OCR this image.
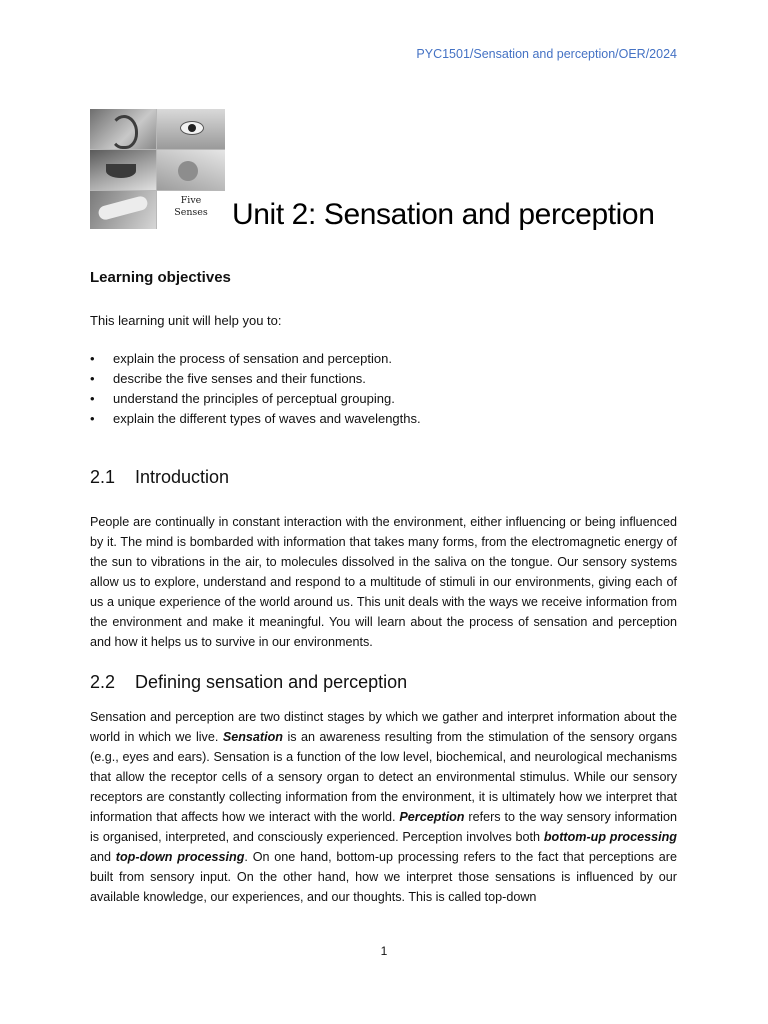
PYC1501/Sensation and perception/OER/2024
Five
Senses Unit 2: Sensation and perception
Learning objectives

This learning unit will help you to:

• explain the process of sensation and perception.
• describe the five senses and their functions.
• understand the principles of perceptual grouping.
• explain the different types of waves and wavelengths.
2.1 Introduction

People are continually in constant interaction with the environment, either influencing or being influenced by it. The mind is bombarded with information that takes many forms, from the electromagnetic energy of the sun to vibrations in the air, to molecules dissolved in the saliva on the tongue. Our sensory systems allow us to explore, understand and respond to a multitude of stimuli in our environments, giving each of us a unique experience of the world around us. This unit deals with the ways we receive information from the environment and make it meaningful. You will learn about the process of sensation and perception and how it helps us to survive in our environments.

2.2 Defining sensation and perception

Sensation and perception are two distinct stages by which we gather and interpret information about the world in which we live. Sensation is an awareness resulting from the stimulation of the sensory organs (e.g., eyes and ears). Sensation is a function of the low level, biochemical, and neurological mechanisms that allow the receptor cells of a sensory organ to detect an environmental stimulus. While our sensory receptors are constantly collecting information from the environment, it is ultimately how we interpret that information that affects how we interact with the world. Perception refers to the way sensory information is organised, interpreted, and consciously experienced. Perception involves both bottom-up processing and top-down processing. On one hand, bottom-up processing refers to the fact that perceptions are built from sensory input. On the other hand, how we interpret those sensations is influenced by our available knowledge, our experiences, and our thoughts. This is called top-down

1
